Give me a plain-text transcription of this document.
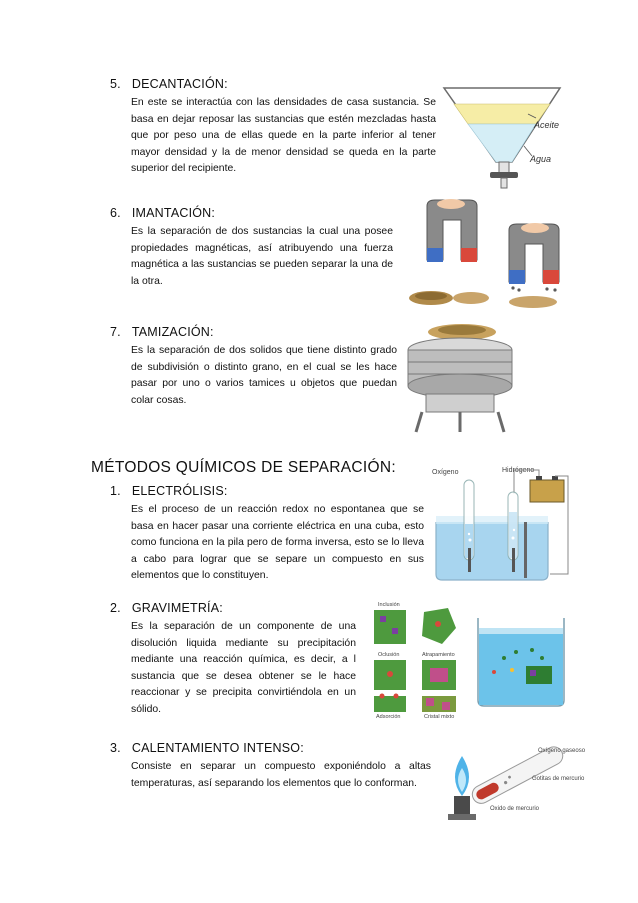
5. DECANTACIÓN:
En este se interactúa con las densidades de casa sustancia. Se basa en dejar reposar las sustancias que estén mezcladas hasta que por peso una de ellas quede en la parte inferior al tener mayor densidad y la de menor densidad se queda en la parte superior del recipiente.
Aceite
Agua
6. IMANTACIÓN:
Es la separación de dos sustancias la cual una posee propiedades magnéticas, así atribuyendo una fuerza magnética a las sustancias se pueden separar la una de la otra.
7. TAMIZACIÓN:
Es la separación de dos solidos que tiene distinto grado de subdivisión o distinto grano, en el cual se les hace pasar por uno o varios tamices u objetos que puedan colar cosas.
MÉTODOS QUÍMICOS DE SEPARACIÓN:
1. ELECTRÓLISIS:
Es el proceso de un reacción redox no espontanea que se basa en hacer pasar una corriente eléctrica en una cuba, esto como funciona en la pila pero de forma inversa, esto se lo lleva a cabo para lograr que se separe un compuesto en sus elementos que lo constituyen.
Oxígeno	Hidrógeno
2. GRAVIMETRÍA:
Es la separación de un componente de una disolución liquida mediante su precipitación mediante una reacción química, es decir, a l sustancia que se desea obtener se le hace reaccionar y se precipita convirtiéndola en un sólido.
Inclusión
Oclusión	Atrapamiento
Adsorción	Cristal mixto
3. CALENTAMIENTO INTENSO:
Consiste en separar un compuesto exponiéndolo a altas temperaturas, así separando los elementos que lo conforman.
Oxígeno gaseoso
Gotitas de mercurio
Oxido de mercurio
